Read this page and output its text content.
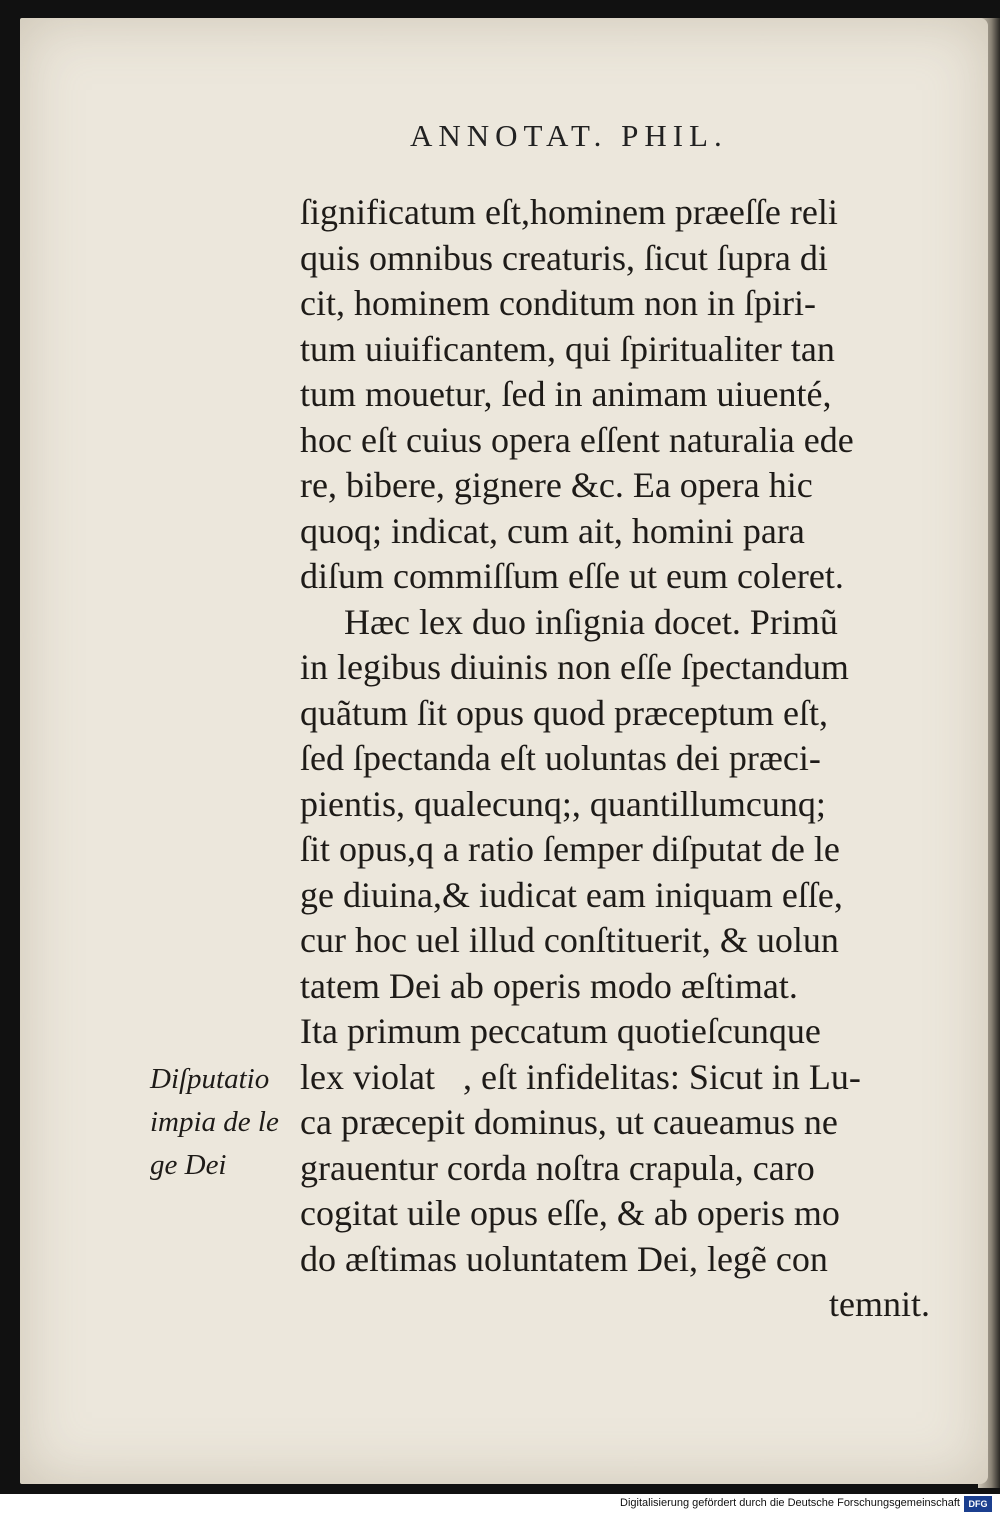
ANNOTAT. PHIL.
ſignificatum eſt,hominem præeſſe reli
quis omnibus creaturis, ſicut ſupra di
cit, hominem conditum non in ſpiri-
tum uiuificantem, qui ſpiritualiter tan
tum mouetur, ſed in animam uiuenté,
hoc eſt cuius opera eſſent naturalia ede
re, bibere, gignere &c. Ea opera hic
quoq; indicat, cum ait, homini para
diſum commiſſum eſſe ut eum coleret.
Hæc lex duo inſignia docet. Primũ
in legibus diuinis non eſſe ſpectandum
quãtum ſit opus quod præceptum eſt,
ſed ſpectanda eſt uoluntas dei præci-
pientis, qualecunq;, quantillumcunq;
ſit opus,q a ratio ſemper diſputat de le
ge diuina,& iudicat eam iniquam eſſe,
cur hoc uel illud conſtituerit, & uolun
tatem Dei ab operis modo æſtimat.
Ita primum peccatum quotieſcunque
lex violatᷣ, eſt infidelitas: Sicut in Lu-
ca præcepit dominus, ut caueamus ne
grauentur corda noſtra crapula, caro
cogitat uile opus eſſe, & ab operis mo
do æſtimas uoluntatem Dei, legẽ con
temnit.
Diſputatio
impia de le
ge Dei
Digitalisierung gefördert durch die Deutsche Forschungsgemeinschaft DFG
